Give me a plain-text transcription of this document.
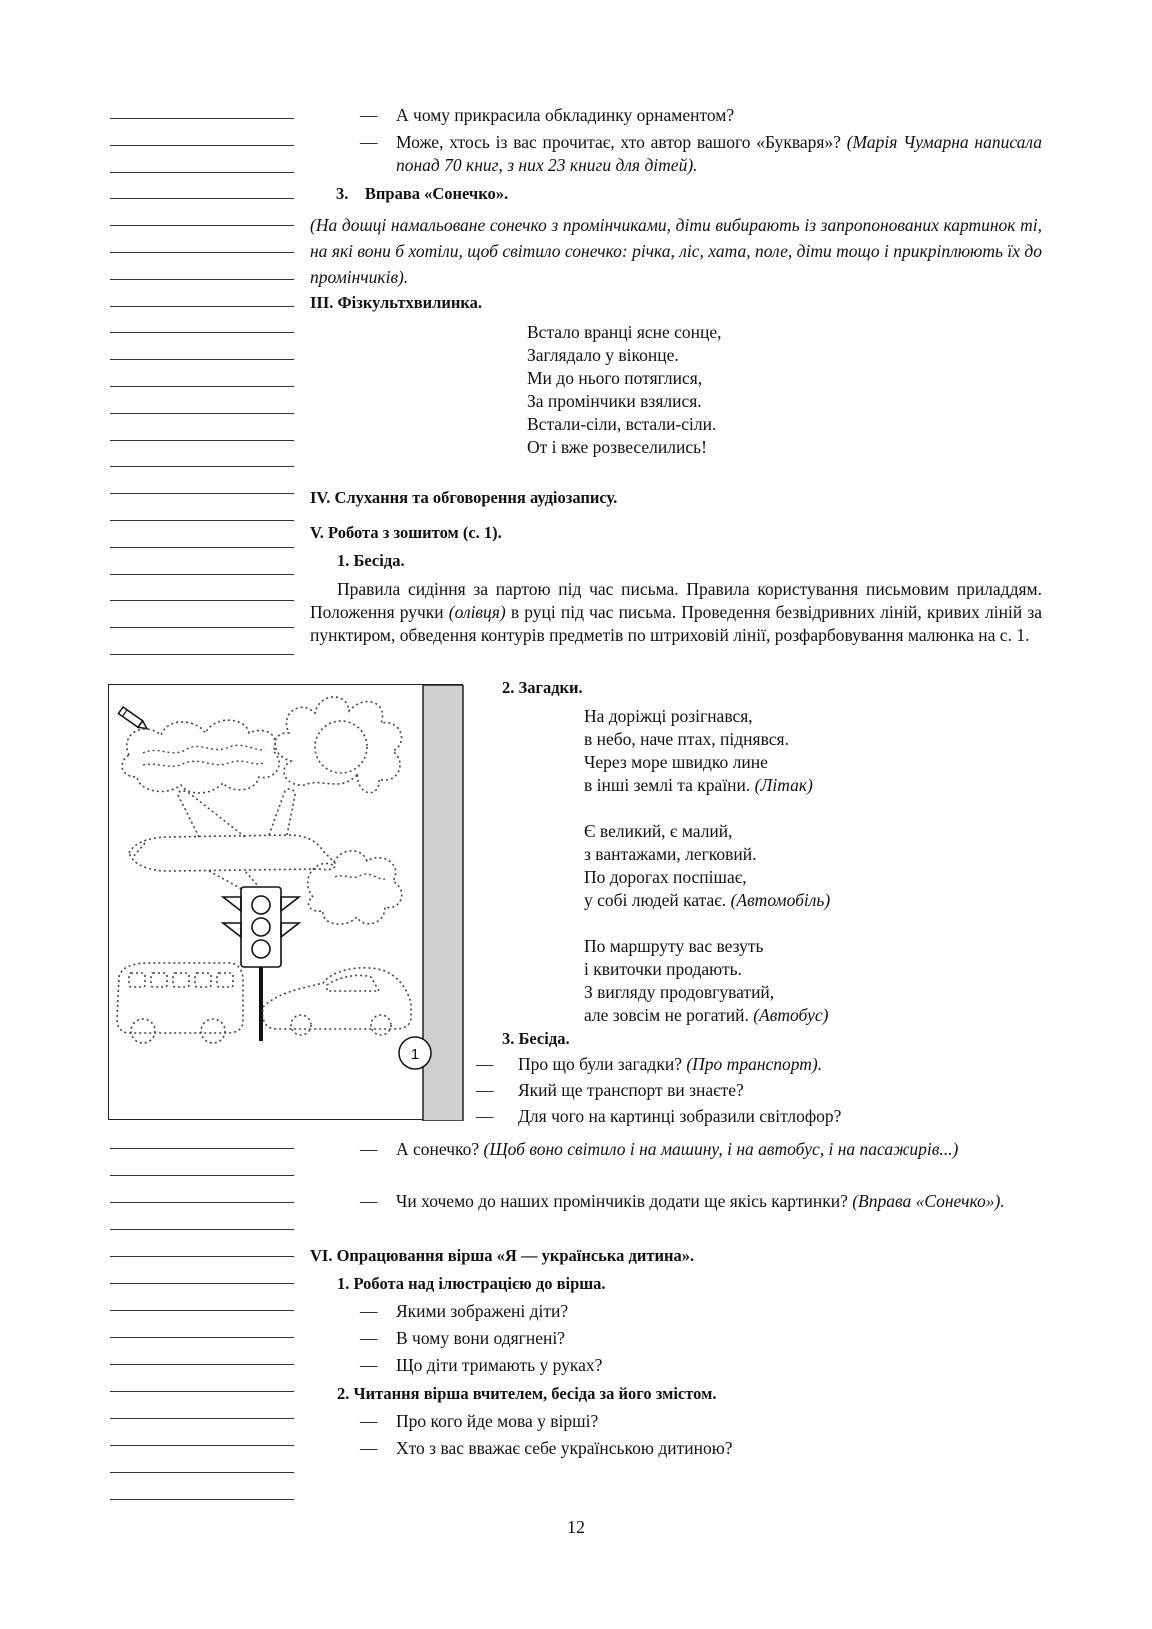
— А чому прикрасила обкладинку орнаментом?
— Може, хтось із вас прочитає, хто автор вашого «Букваря»? (Марія Чумарна написала понад 70 книг, з них 23 книги для дітей).
3. Вправа «Сонечко».
(На дошці намальоване сонечко з промінчиками, діти вибирають із запропонованих картинок ті, на які вони б хотіли, щоб світило сонечко: річка, ліс, хата, поле, діти тощо і прикріплюють їх до промінчиків).
III. Фізкультхвилинка.
Встало вранці ясне сонце,
Заглядало у віконце.
Ми до нього потяглися,
За промінчики взялися.
Встали-сіли, встали-сіли.
От і вже розвеселились!
IV. Слухання та обговорення аудіозапису.
V. Робота з зошитом (с. 1).
1. Бесіда.
Правила сидіння за партою під час письма. Правила користування письмовим приладдям. Положення ручки (олівця) в руці під час письма. Проведення безвідривних ліній, кривих ліній за пунктиром, обведення контурів предметів по штриховій лінії, розфарбовування малюнка на с. 1.
1
2. Загадки.
На доріжці розігнався,
в небо, наче птах, піднявся.
Через море швидко лине
в інші землі та країни. (Літак)
Є великий, є малий,
з вантажами, легковий.
По дорогах поспішає,
у собі людей катає. (Автомобіль)
По маршруту вас везуть
і квиточки продають.
З вигляду продовгуватий,
але зовсім не рогатий. (Автобус)
3. Бесіда.
— Про що були загадки? (Про транспорт).
— Який ще транспорт ви знаєте?
— Для чого на картинці зобразили світлофор?
— А сонечко? (Щоб воно світило і на машину, і на автобус, і на пасажирів...)
— Чи хочемо до наших промінчиків додати ще якісь картинки? (Вправа «Сонечко»).
VI. Опрацювання вірша «Я — українська дитина».
1. Робота над ілюстрацією до вірша.
— Якими зображені діти?
— В чому вони одягнені?
— Що діти тримають у руках?
2. Читання вірша вчителем, бесіда за його змістом.
— Про кого йде мова у вірші?
— Хто з вас вважає себе українською дитиною?
12
